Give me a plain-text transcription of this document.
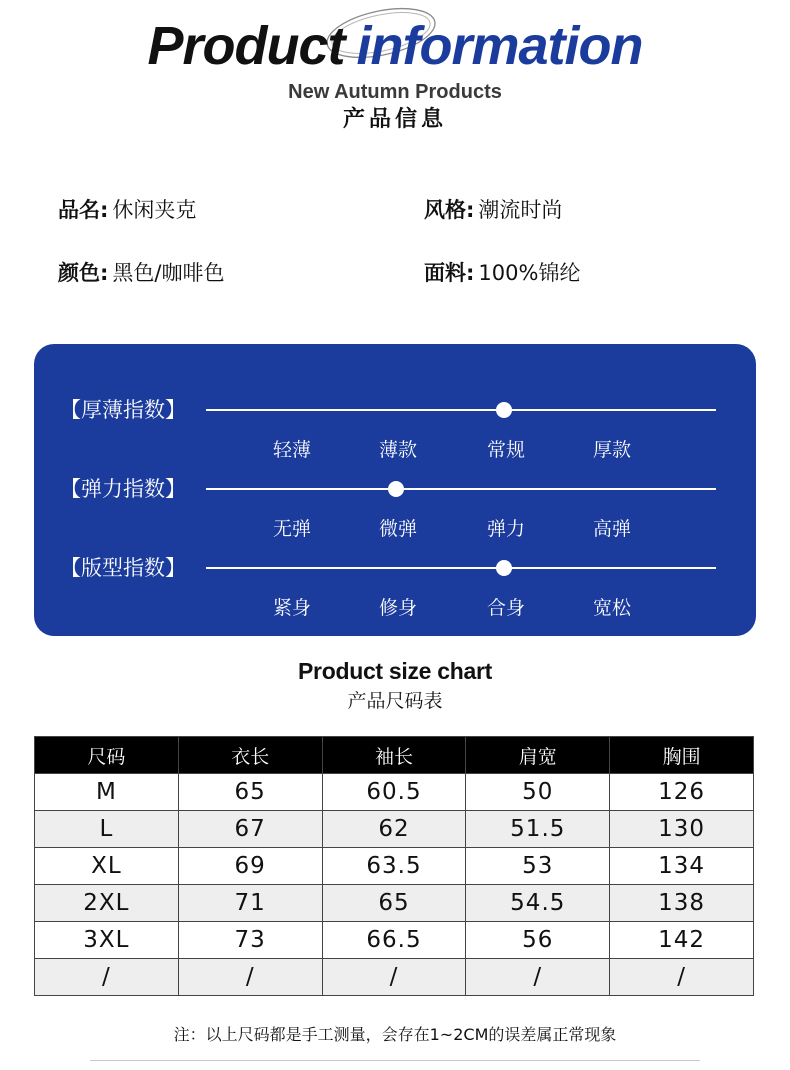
Product information
New Autumn Products
产品信息
品名: 休闲夹克	风格: 潮流时尚
颜色: 黑色/咖啡色	面料: 100%锦纶
【厚薄指数】
轻薄	薄款	常规	厚款
【弹力指数】
无弹	微弹	弹力	高弹
【版型指数】
紧身	修身	合身	宽松
Product size chart
产品尺码表
尺码	衣长	袖长	肩宽	胸围
M	65	60.5	50	126
L	67	62	51.5	130
XL	69	63.5	53	134
2XL	71	65	54.5	138
3XL	73	66.5	56	142
/	/	/	/	/
注：以上尺码都是手工测量，会存在1~2CM的误差属正常现象
